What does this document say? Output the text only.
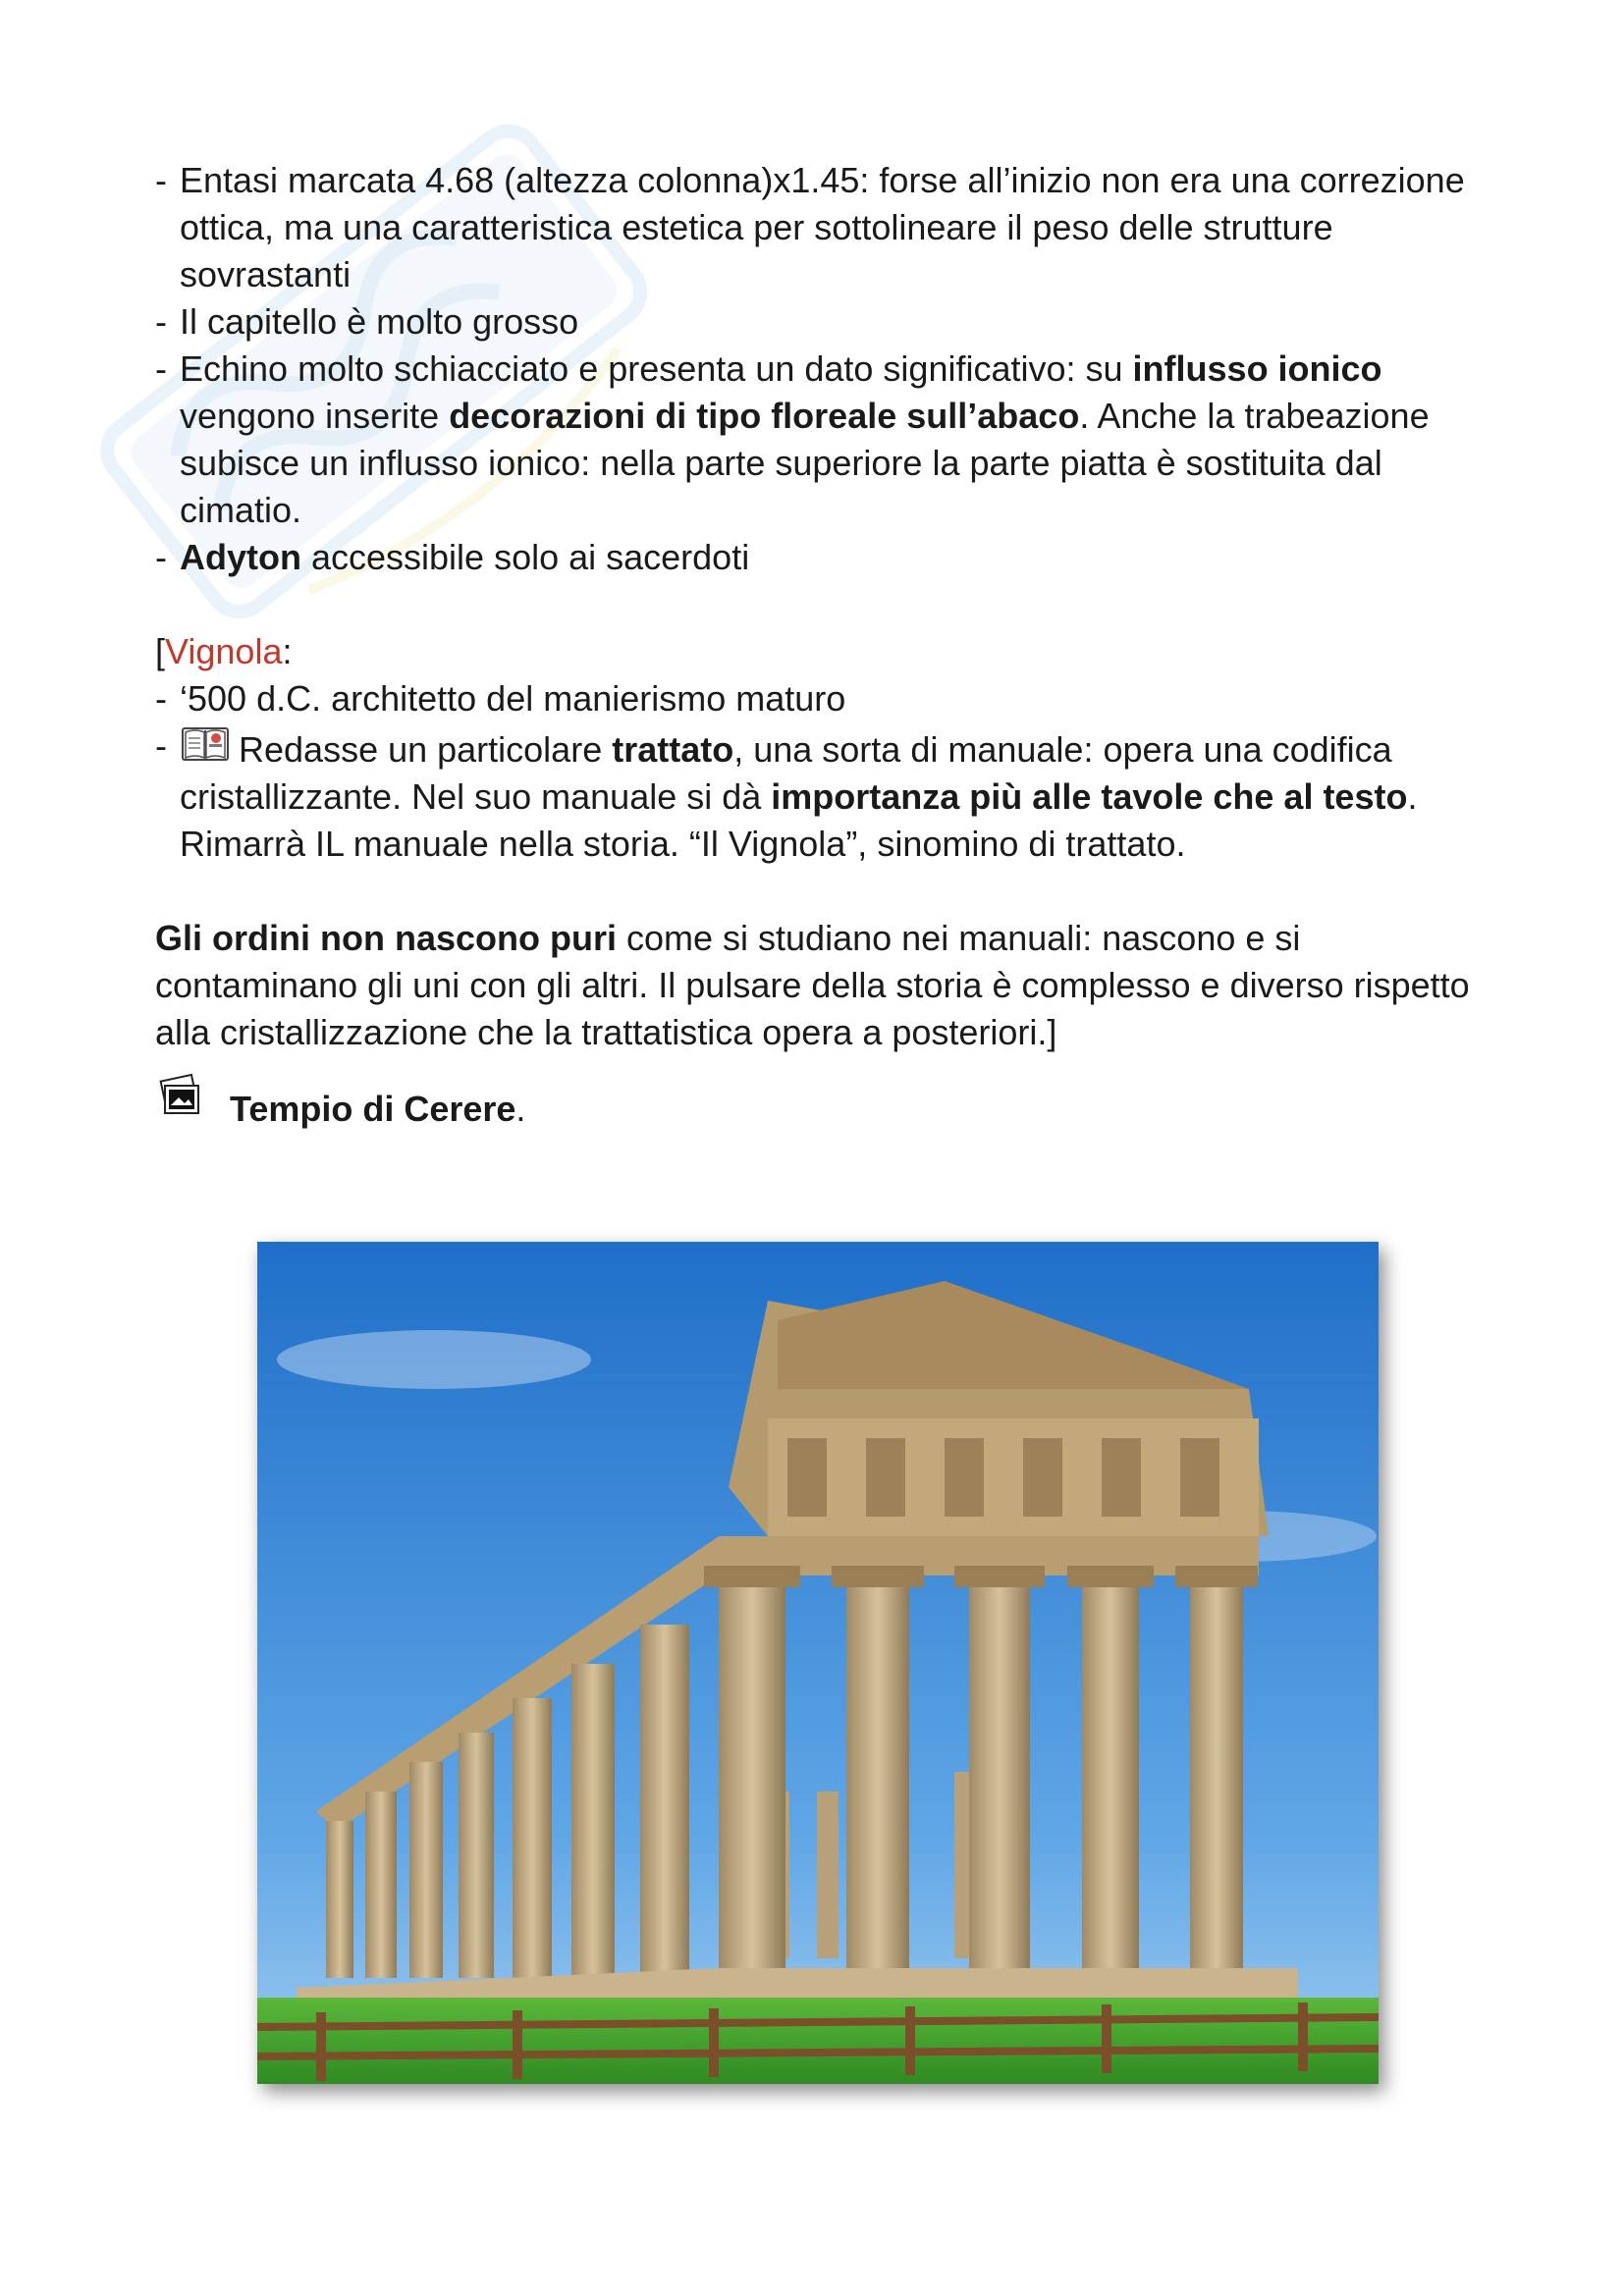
- Entasi marcata 4.68 (altezza colonna)x1.45: forse all’inizio non era una correzione ottica, ma una caratteristica estetica per sottolineare il peso delle strutture sovrastanti
- Il capitello è molto grosso
- Echino molto schiacciato e presenta un dato significativo: su influsso ionico vengono inserite decorazioni di tipo floreale sull’abaco. Anche la trabeazione subisce un influsso ionico: nella parte superiore la parte piatta è sostituita dal cimatio.
- Adyton accessibile solo ai sacerdoti

[Vignola:

- ‘500 d.C. architetto del manierismo maturo
- Redasse un particolare trattato, una sorta di manuale: opera una codifica cristallizzante. Nel suo manuale si dà importanza più alle tavole che al testo. Rimarrà IL manuale nella storia. “Il Vignola”, sinomino di trattato.

Gli ordini non nascono puri come si studiano nei manuali: nascono e si contaminano gli uni con gli altri. Il pulsare della storia è complesso e diverso rispetto alla cristallizzazione che la trattatistica opera a posteriori.]

Tempio di Cerere.
